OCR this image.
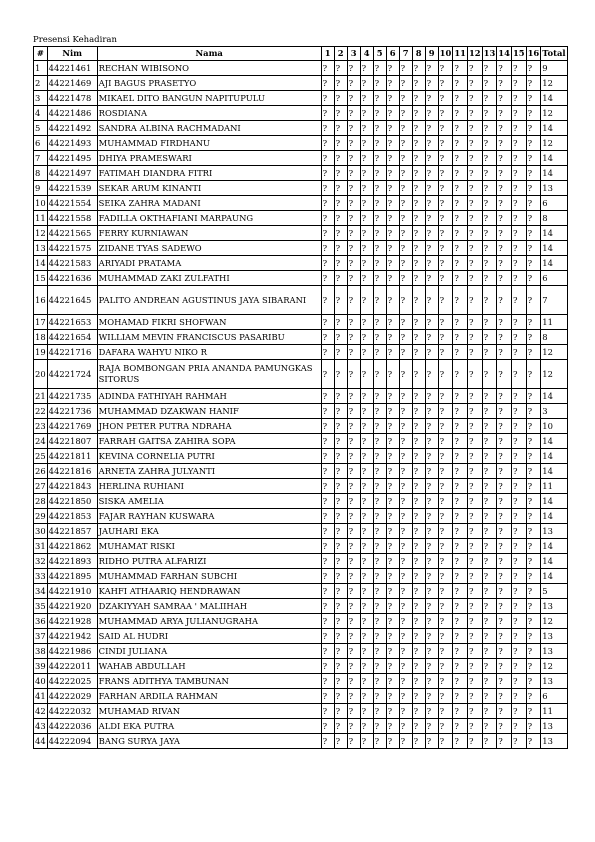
Presensi Kehadiran
#	Nim	Nama	1	2	3	4	5	6	7	8	9	10	11	12	13	14	15	16	Total
1	44221461	RECHAN WIBISONO	?	?	?	?	?	?	?	?	?	?	?	?	?	?	?	?	9
2	44221469	AJI BAGUS PRASETYO	?	?	?	?	?	?	?	?	?	?	?	?	?	?	?	?	12
3	44221478	MIKAEL DITO BANGUN NAPITUPULU	?	?	?	?	?	?	?	?	?	?	?	?	?	?	?	?	14
4	44221486	ROSDIANA	?	?	?	?	?	?	?	?	?	?	?	?	?	?	?	?	12
5	44221492	SANDRA ALBINA RACHMADANI	?	?	?	?	?	?	?	?	?	?	?	?	?	?	?	?	14
6	44221493	MUHAMMAD FIRDHANU	?	?	?	?	?	?	?	?	?	?	?	?	?	?	?	?	12
7	44221495	DHIYA PRAMESWARI	?	?	?	?	?	?	?	?	?	?	?	?	?	?	?	?	14
8	44221497	FATIMAH DIANDRA FITRI	?	?	?	?	?	?	?	?	?	?	?	?	?	?	?	?	14
9	44221539	SEKAR ARUM KINANTI	?	?	?	?	?	?	?	?	?	?	?	?	?	?	?	?	13
10	44221554	SEIKA ZAHRA MADANI	?	?	?	?	?	?	?	?	?	?	?	?	?	?	?	?	6
11	44221558	FADILLA OKTHAFIANI MARPAUNG	?	?	?	?	?	?	?	?	?	?	?	?	?	?	?	?	8
12	44221565	FERRY KURNIAWAN	?	?	?	?	?	?	?	?	?	?	?	?	?	?	?	?	14
13	44221575	ZIDANE TYAS SADEWO	?	?	?	?	?	?	?	?	?	?	?	?	?	?	?	?	14
14	44221583	ARIYADI PRATAMA	?	?	?	?	?	?	?	?	?	?	?	?	?	?	?	?	14
15	44221636	MUHAMMAD ZAKI ZULFATHI	?	?	?	?	?	?	?	?	?	?	?	?	?	?	?	?	6
16	44221645	PALITO ANDREAN AGUSTINUS JAYA SIBARANI	?	?	?	?	?	?	?	?	?	?	?	?	?	?	?	?	7
17	44221653	MOHAMAD FIKRI SHOFWAN	?	?	?	?	?	?	?	?	?	?	?	?	?	?	?	?	11
18	44221654	WILLIAM MEVIN FRANCISCUS PASARIBU	?	?	?	?	?	?	?	?	?	?	?	?	?	?	?	?	8
19	44221716	DAFARA WAHYU NIKO R	?	?	?	?	?	?	?	?	?	?	?	?	?	?	?	?	12
20	44221724	RAJA BOMBONGAN PRIA ANANDA PAMUNGKAS SITORUS	?	?	?	?	?	?	?	?	?	?	?	?	?	?	?	?	12
21	44221735	ADINDA FATHIYAH RAHMAH	?	?	?	?	?	?	?	?	?	?	?	?	?	?	?	?	14
22	44221736	MUHAMMAD DZAKWAN HANIF	?	?	?	?	?	?	?	?	?	?	?	?	?	?	?	?	3
23	44221769	JHON PETER PUTRA NDRAHA	?	?	?	?	?	?	?	?	?	?	?	?	?	?	?	?	10
24	44221807	FARRAH GAITSA ZAHIRA SOPA	?	?	?	?	?	?	?	?	?	?	?	?	?	?	?	?	14
25	44221811	KEVINA CORNELIA PUTRI	?	?	?	?	?	?	?	?	?	?	?	?	?	?	?	?	14
26	44221816	ARNETA ZAHRA JULYANTI	?	?	?	?	?	?	?	?	?	?	?	?	?	?	?	?	14
27	44221843	HERLINA RUHIANI	?	?	?	?	?	?	?	?	?	?	?	?	?	?	?	?	11
28	44221850	SISKA AMELIA	?	?	?	?	?	?	?	?	?	?	?	?	?	?	?	?	14
29	44221853	FAJAR RAYHAN KUSWARA	?	?	?	?	?	?	?	?	?	?	?	?	?	?	?	?	14
30	44221857	JAUHARI EKA	?	?	?	?	?	?	?	?	?	?	?	?	?	?	?	?	13
31	44221862	MUHAMAT RISKI	?	?	?	?	?	?	?	?	?	?	?	?	?	?	?	?	14
32	44221893	RIDHO PUTRA ALFARIZI	?	?	?	?	?	?	?	?	?	?	?	?	?	?	?	?	14
33	44221895	MUHAMMAD FARHAN SUBCHI	?	?	?	?	?	?	?	?	?	?	?	?	?	?	?	?	14
34	44221910	KAHFI ATHAARIQ HENDRAWAN	?	?	?	?	?	?	?	?	?	?	?	?	?	?	?	?	5
35	44221920	DZAKIYYAH SAMRAA ' MALIIHAH	?	?	?	?	?	?	?	?	?	?	?	?	?	?	?	?	13
36	44221928	MUHAMMAD ARYA JULIANUGRAHA	?	?	?	?	?	?	?	?	?	?	?	?	?	?	?	?	12
37	44221942	SAID AL HUDRI	?	?	?	?	?	?	?	?	?	?	?	?	?	?	?	?	13
38	44221986	CINDI JULIANA	?	?	?	?	?	?	?	?	?	?	?	?	?	?	?	?	13
39	44222011	WAHAB ABDULLAH	?	?	?	?	?	?	?	?	?	?	?	?	?	?	?	?	12
40	44222025	FRANS ADITHYA TAMBUNAN	?	?	?	?	?	?	?	?	?	?	?	?	?	?	?	?	13
41	44222029	FARHAN ARDILA RAHMAN	?	?	?	?	?	?	?	?	?	?	?	?	?	?	?	?	6
42	44222032	MUHAMAD RIVAN	?	?	?	?	?	?	?	?	?	?	?	?	?	?	?	?	11
43	44222036	ALDI EKA PUTRA	?	?	?	?	?	?	?	?	?	?	?	?	?	?	?	?	13
44	44222094	BANG SURYA JAYA	?	?	?	?	?	?	?	?	?	?	?	?	?	?	?	?	13
